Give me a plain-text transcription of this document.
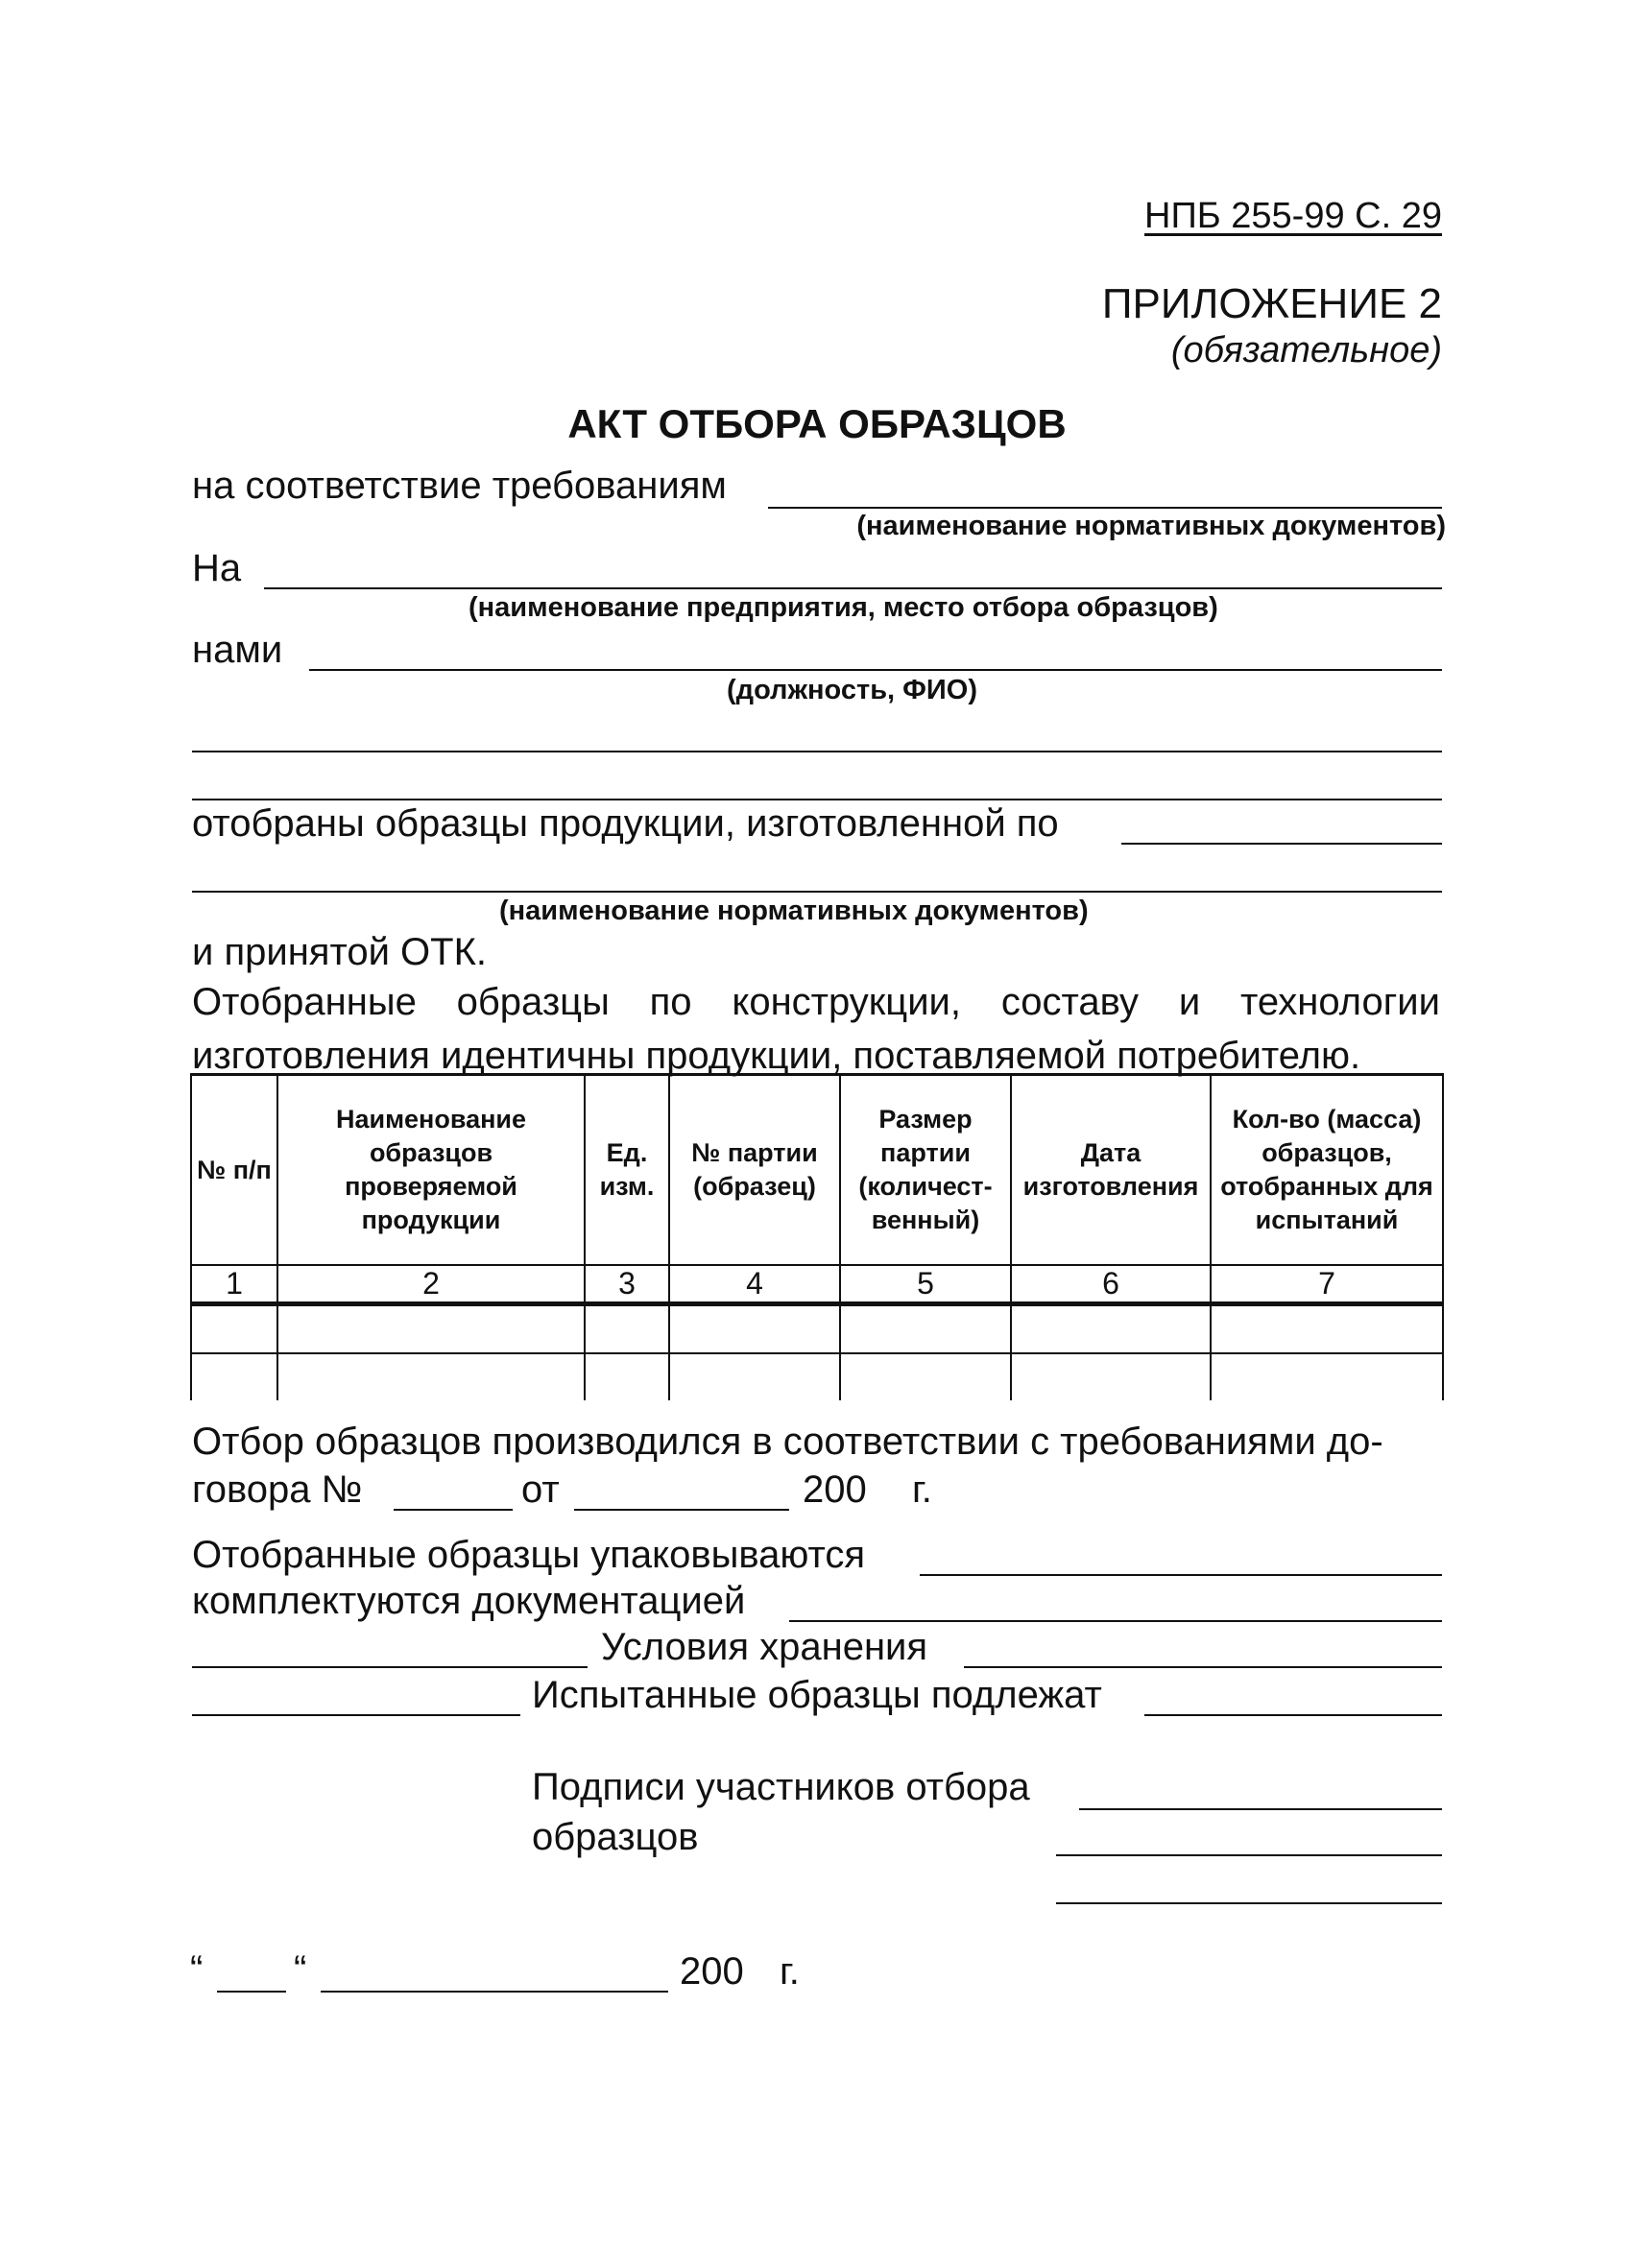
НПБ 255-99 С. 29
ПРИЛОЖЕНИЕ 2
(обязательное)
АКТ ОТБОРА ОБРАЗЦОВ
на соответствие требованиям
(наименование нормативных документов)
На
(наименование предприятия, место отбора образцов)
нами
(должность, ФИО)
отобраны образцы продукции, изготовленной по
(наименование нормативных документов)
и принятой ОТК.
Отобранные образцы по конструкции, составу и технологии изготовления идентичны продукции, поставляемой потребителю.
№ п/п	Наименование образцов проверяемой продукции	Ед. изм.	№ партии (образец)	Размер партии (количест-венный)	Дата изготовления	Кол-во (масса) образцов, отобранных для испытаний
1	2	3	4	5	6	7

Отбор образцов производился в соответствии с требованиями до-
говора №	от	200 г.
Отобранные образцы упаковываются
комплектуются документацией
Условия хранения
Испытанные образцы подлежат
Подписи участников отбора
образцов
“ “	200 г.
